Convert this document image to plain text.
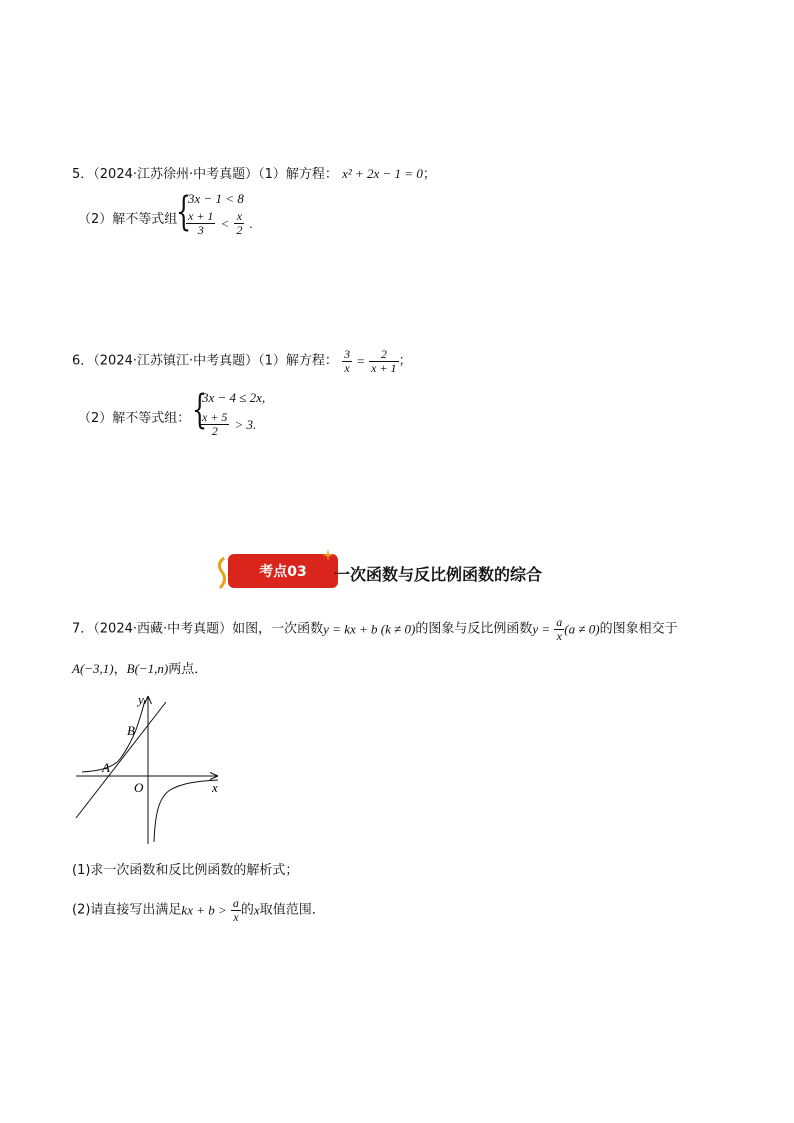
5．（2024·江苏徐州·中考真题）（1）解方程： x² + 2x − 1 = 0；
（2）解不等式组
{
3x − 1 < 8
$\frac{x + 1}{3} < \frac{x}{2}$ .
6．（2024·江苏镇江·中考真题）（1）解方程： $\frac{3}{x} = \frac{2}{x + 1}$ ；
（2）解不等式组： {
3x − 4 ≤ 2x,
$\frac{x + 5}{2} > 3$.
考点03	一次函数与反比例函数的综合
7．（2024·西藏·中考真题）如图，一次函数y = kx + b (k ≠ 0)的图象与反比例函数$y = \frac{a}{x} (a \ne 0)$的图象相交于
A(−3,1)，B(−1,n)两点．
y
x
O
A
B
(1)求一次函数和反比例函数的解析式；
(2)请直接写出满足kx + $b > \frac{a}{x}$ 的x取值范围．
